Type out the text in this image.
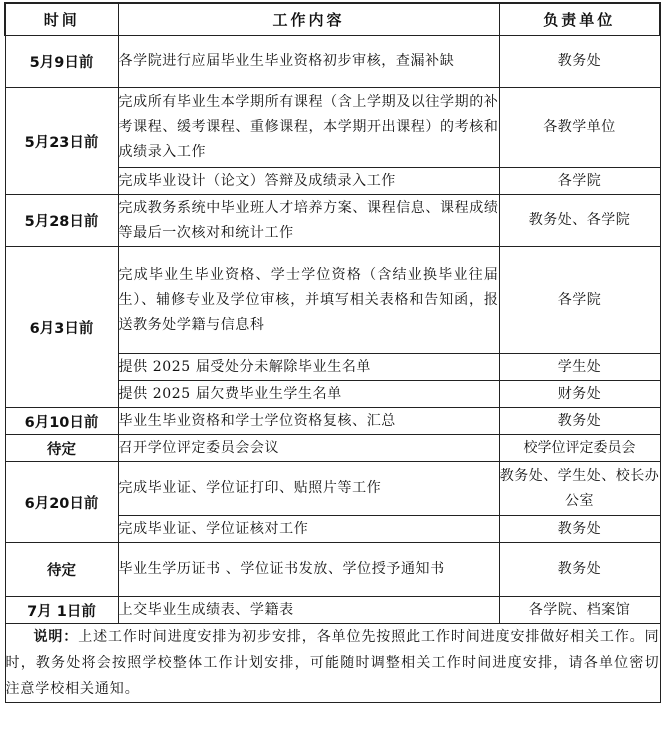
时间	工作内容	负责单位
5月9日前	各学院进行应届毕业生毕业资格初步审核，查漏补缺	教务处
5月23日前	完成所有毕业生本学期所有课程（含上学期及以往学期的补考课程、缓考课程、重修课程，本学期开出课程）的考核和成绩录入工作	各教学单位
	完成毕业设计（论文）答辩及成绩录入工作	各学院
5月28日前	完成教务系统中毕业班人才培养方案、课程信息、课程成绩等最后一次核对和统计工作	教务处、各学院
6月3日前	完成毕业生毕业资格、学士学位资格（含结业换毕业往届生）、辅修专业及学位审核，并填写相关表格和告知函，报送教务处学籍与信息科	各学院
	提供 2025 届受处分未解除毕业生名单	学生处
	提供 2025 届欠费毕业生学生名单	财务处
6月10日前	毕业生毕业资格和学士学位资格复核、汇总	教务处
待定	召开学位评定委员会会议	校学位评定委员会
6月20日前	完成毕业证、学位证打印、贴照片等工作	教务处、学生处、校长办公室
	完成毕业证、学位证核对工作	教务处
待定	毕业生学历证书 、学位证书发放、学位授予通知书	教务处
7月 1日前	上交毕业生成绩表、学籍表	各学院、档案馆
说明：上述工作时间进度安排为初步安排，各单位先按照此工作时间进度安排做好相关工作。同时，教务处将会按照学校整体工作计划安排，可能随时调整相关工作时间进度安排，请各单位密切注意学校相关通知。		
